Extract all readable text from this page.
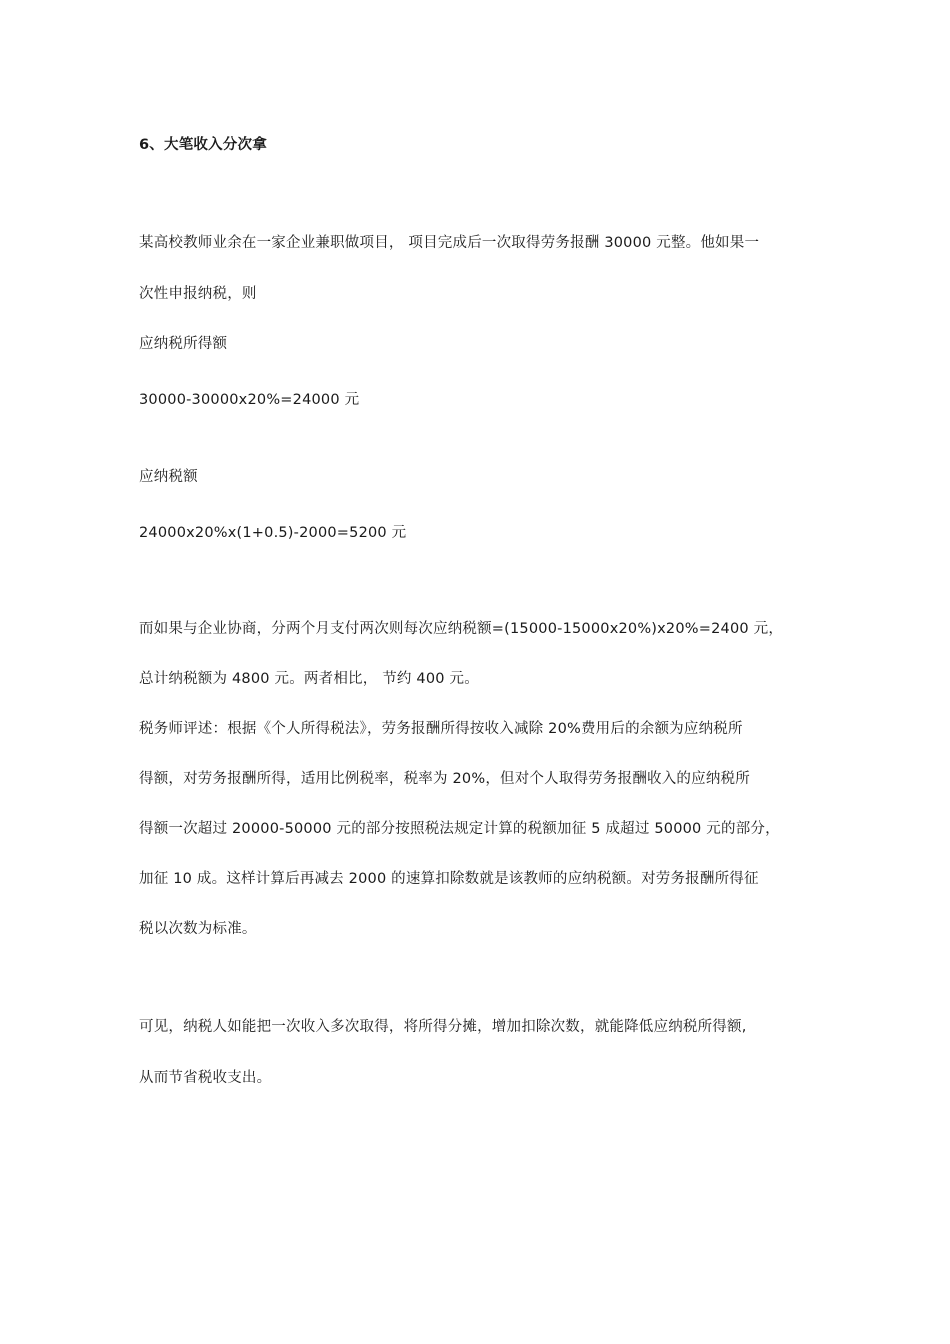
6、大笔收入分次拿
某高校教师业余在一家企业兼职做项目， 项目完成后一次取得劳务报酬 30000 元整。他如果一
次性申报纳税，则
应纳税所得额
30000-30000x20%=24000 元
应纳税额
24000x20%x(1+0.5)-2000=5200 元
而如果与企业协商，分两个月支付两次则每次应纳税额=(15000-15000x20%)x20%=2400 元，
总计纳税额为 4800 元。两者相比， 节约 400 元。
税务师评述：根据《个人所得税法》，劳务报酬所得按收入减除 20%费用后的余额为应纳税所
得额，对劳务报酬所得，适用比例税率，税率为 20%，但对个人取得劳务报酬收入的应纳税所
得额一次超过 20000-50000 元的部分按照税法规定计算的税额加征 5 成超过 50000 元的部分，
加征 10 成。这样计算后再减去 2000 的速算扣除数就是该教师的应纳税额。对劳务报酬所得征
税以次数为标准。
可见，纳税人如能把一次收入多次取得，将所得分摊，增加扣除次数，就能降低应纳税所得额,
从而节省税收支出。
